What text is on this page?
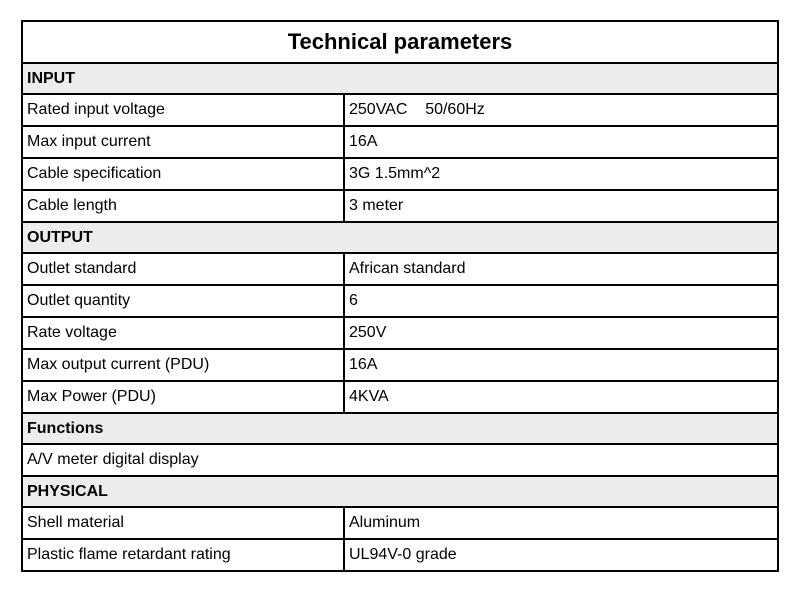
Technical parameters	
INPUT	
Rated input voltage	250VAC    50/60Hz
Max input current	16A
Cable specification	3G 1.5mm^2
Cable length	3 meter
OUTPUT	
Outlet standard	African standard
Outlet quantity	6
Rate voltage	250V
Max output current (PDU)	16A
Max Power (PDU)	4KVA
Functions	
A/V meter digital display	
PHYSICAL	
Shell material	Aluminum
Plastic flame retardant rating	UL94V-0 grade
